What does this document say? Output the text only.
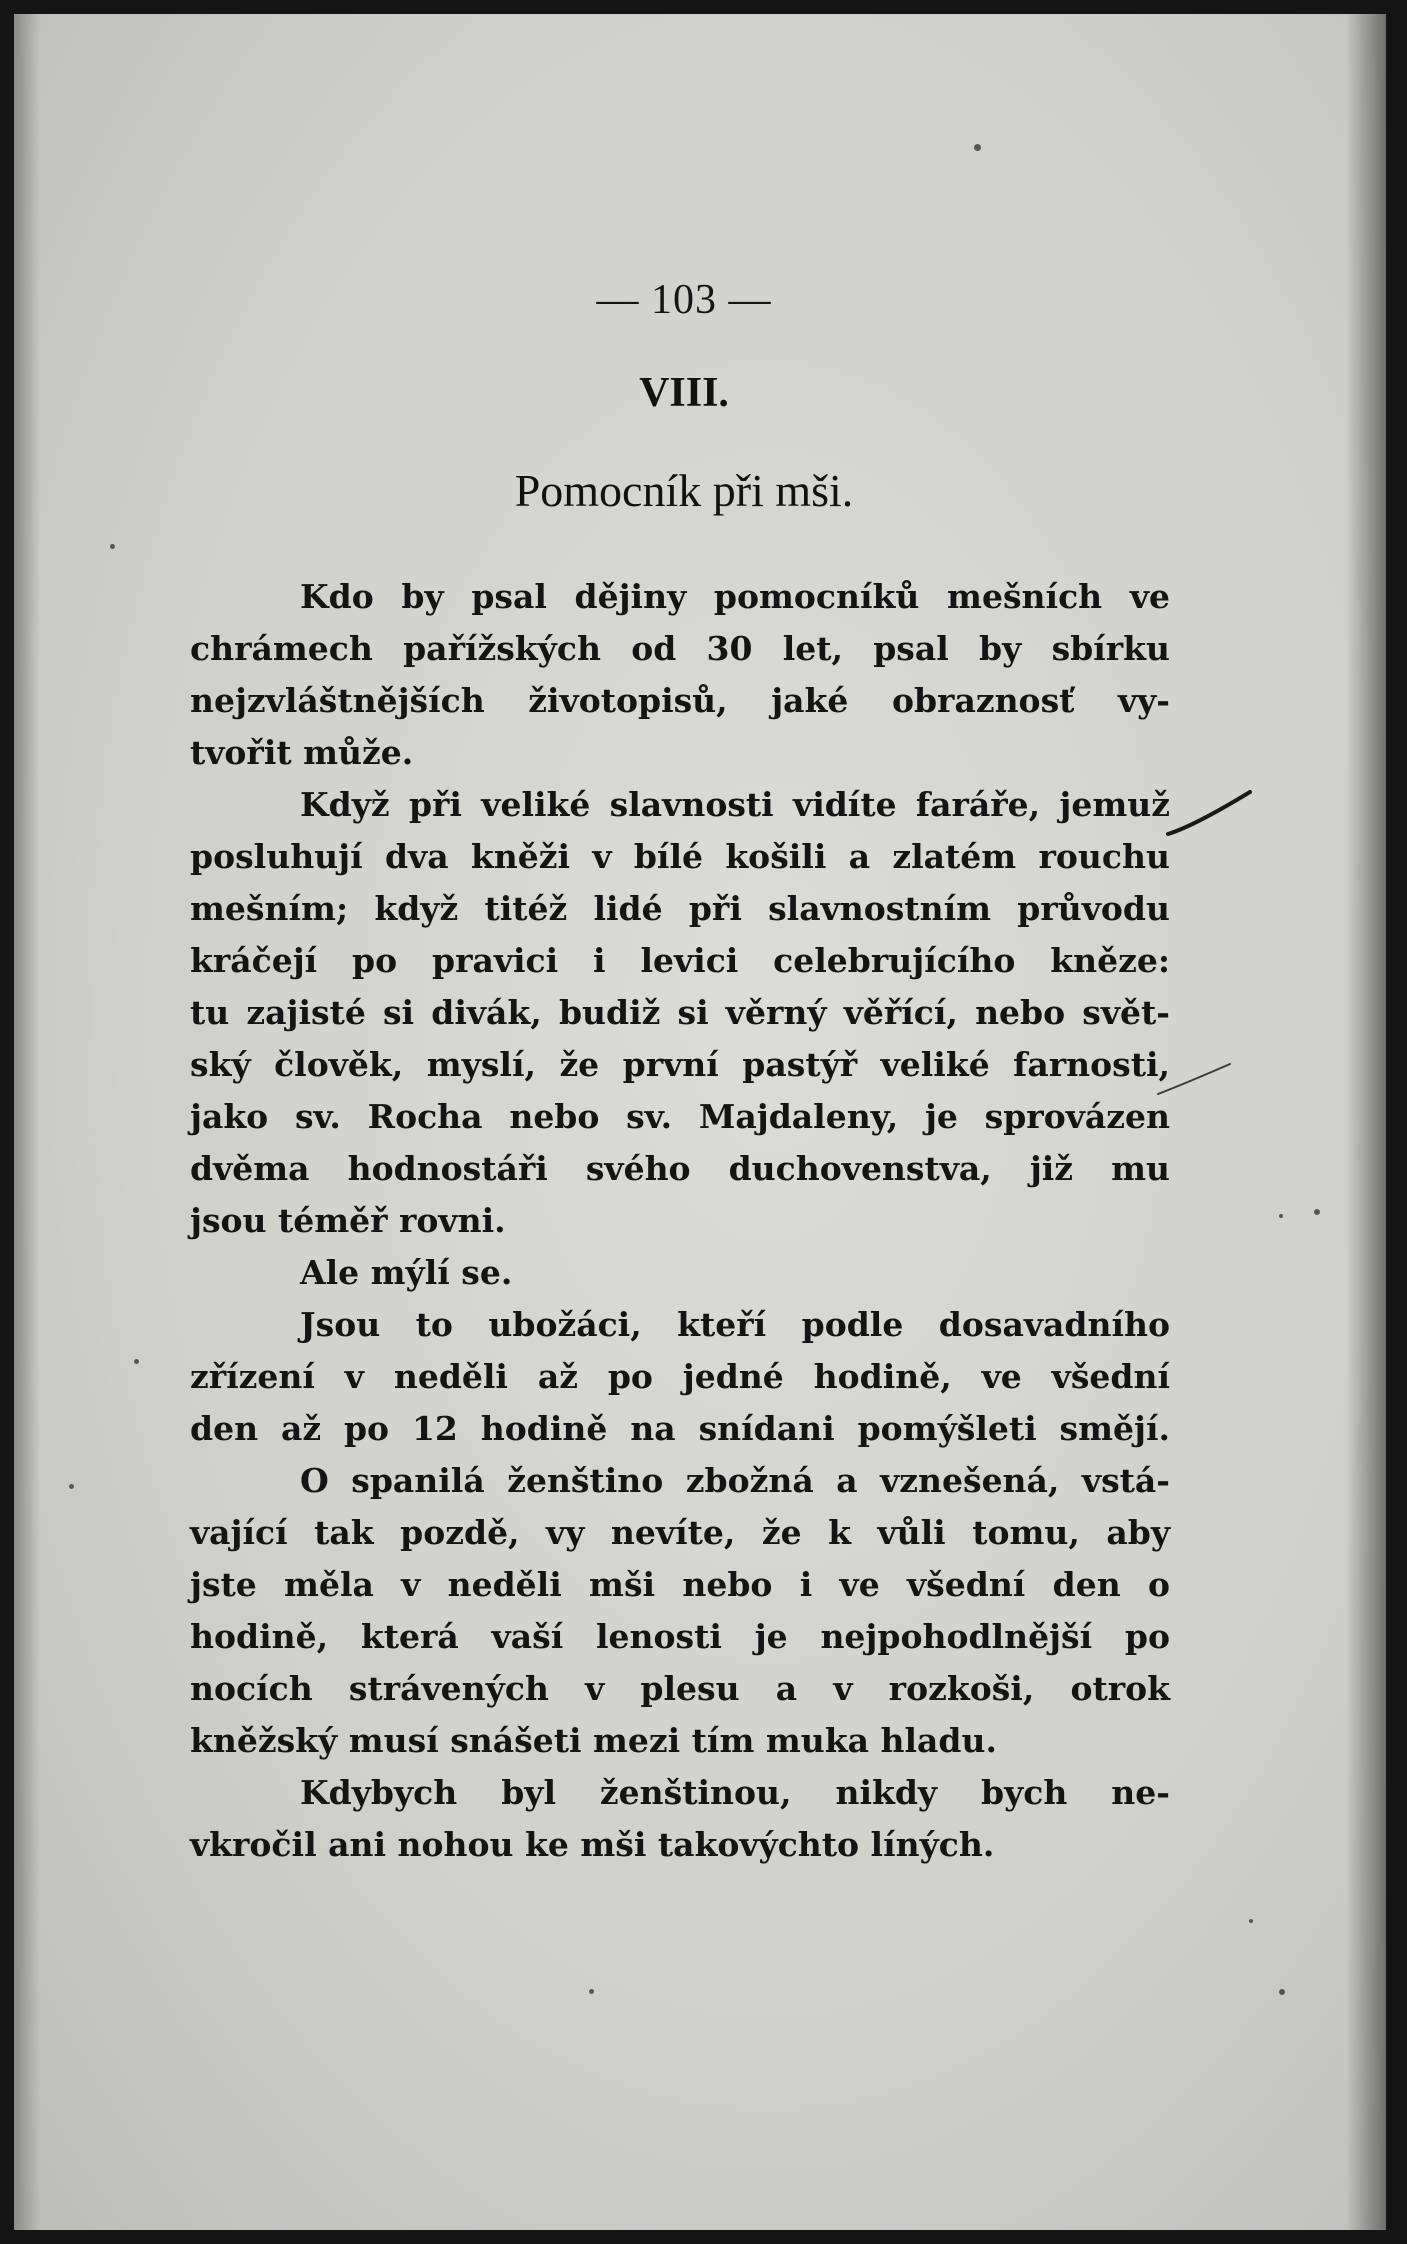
— 103 —
VIII.
Pomocník při mši.

Kdo by psal dějiny pomocníků mešních ve
chrámech pařížských od 30 let, psal by sbírku
nejzvláštnějších životopisů, jaké obraznosť vy-
tvořit může.

Když při veliké slavnosti vidíte faráře, jemuž
posluhují dva kněži v bílé košili a zlatém rouchu
mešním; když titéž lidé při slavnostním průvodu
kráčejí po pravici i levici celebrujícího kněze:
tu zajisté si divák, budiž si věrný věřící, nebo svět-
ský člověk, myslí, že první pastýř veliké farnosti,
jako sv. Rocha nebo sv. Majdaleny, je sprovázen
dvěma hodnostáři svého duchovenstva, již mu
jsou téměř rovni.

Ale mýlí se.

Jsou to ubožáci, kteří podle dosavadního
zřízení v neděli až po jedné hodině, ve všední
den až po 12 hodině na snídani pomýšleti smějí.

O spanilá ženštino zbožná a vznešená, vstá-
vající tak pozdě, vy nevíte, že k vůli tomu, aby
jste měla v neděli mši nebo i ve všední den o
hodině, která vaší lenosti je nejpohodlnější po
nocích strávených v plesu a v rozkoši, otrok
kněžský musí snášeti mezi tím muka hladu.

Kdybych byl ženštinou, nikdy bych ne-
vkročil ani nohou ke mši takovýchto líných.
